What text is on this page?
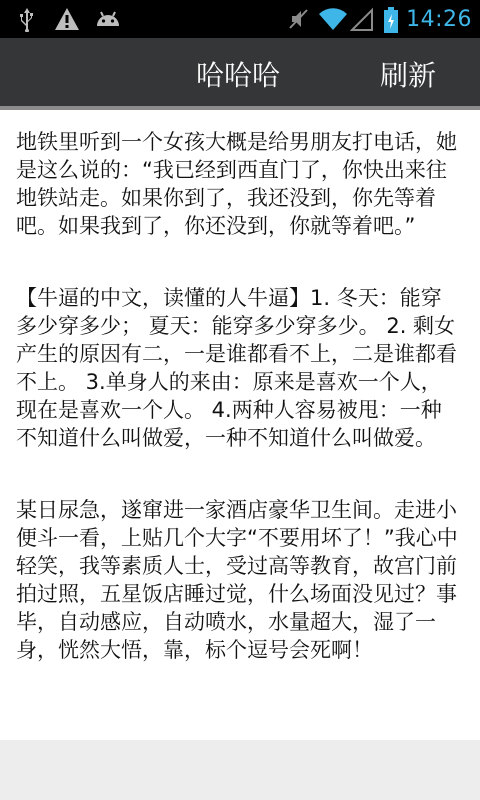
14:26
哈哈哈	刷新

地铁里听到一个女孩大概是给男朋友打电话，她是这么说的：“我已经到西直门了，你快出来往地铁站走。如果你到了，我还没到，你先等着吧。如果我到了，你还没到，你就等着吧。”

【牛逼的中文，读懂的人牛逼】1. 冬天：能穿多少穿多少； 夏天：能穿多少穿多少。 2. 剩女产生的原因有二，一是谁都看不上，二是谁都看不上。 3.单身人的来由：原来是喜欢一个人，现在是喜欢一个人。 4.两种人容易被甩：一种不知道什么叫做爱，一种不知道什么叫做爱。

某日尿急，遂窜进一家酒店豪华卫生间。走进小便斗一看，上贴几个大字“不要用坏了！”我心中轻笑，我等素质人士，受过高等教育，故宫门前拍过照，五星饭店睡过觉，什么场面没见过？事毕，自动感应，自动喷水，水量超大，湿了一身，恍然大悟，靠，标个逗号会死啊！
